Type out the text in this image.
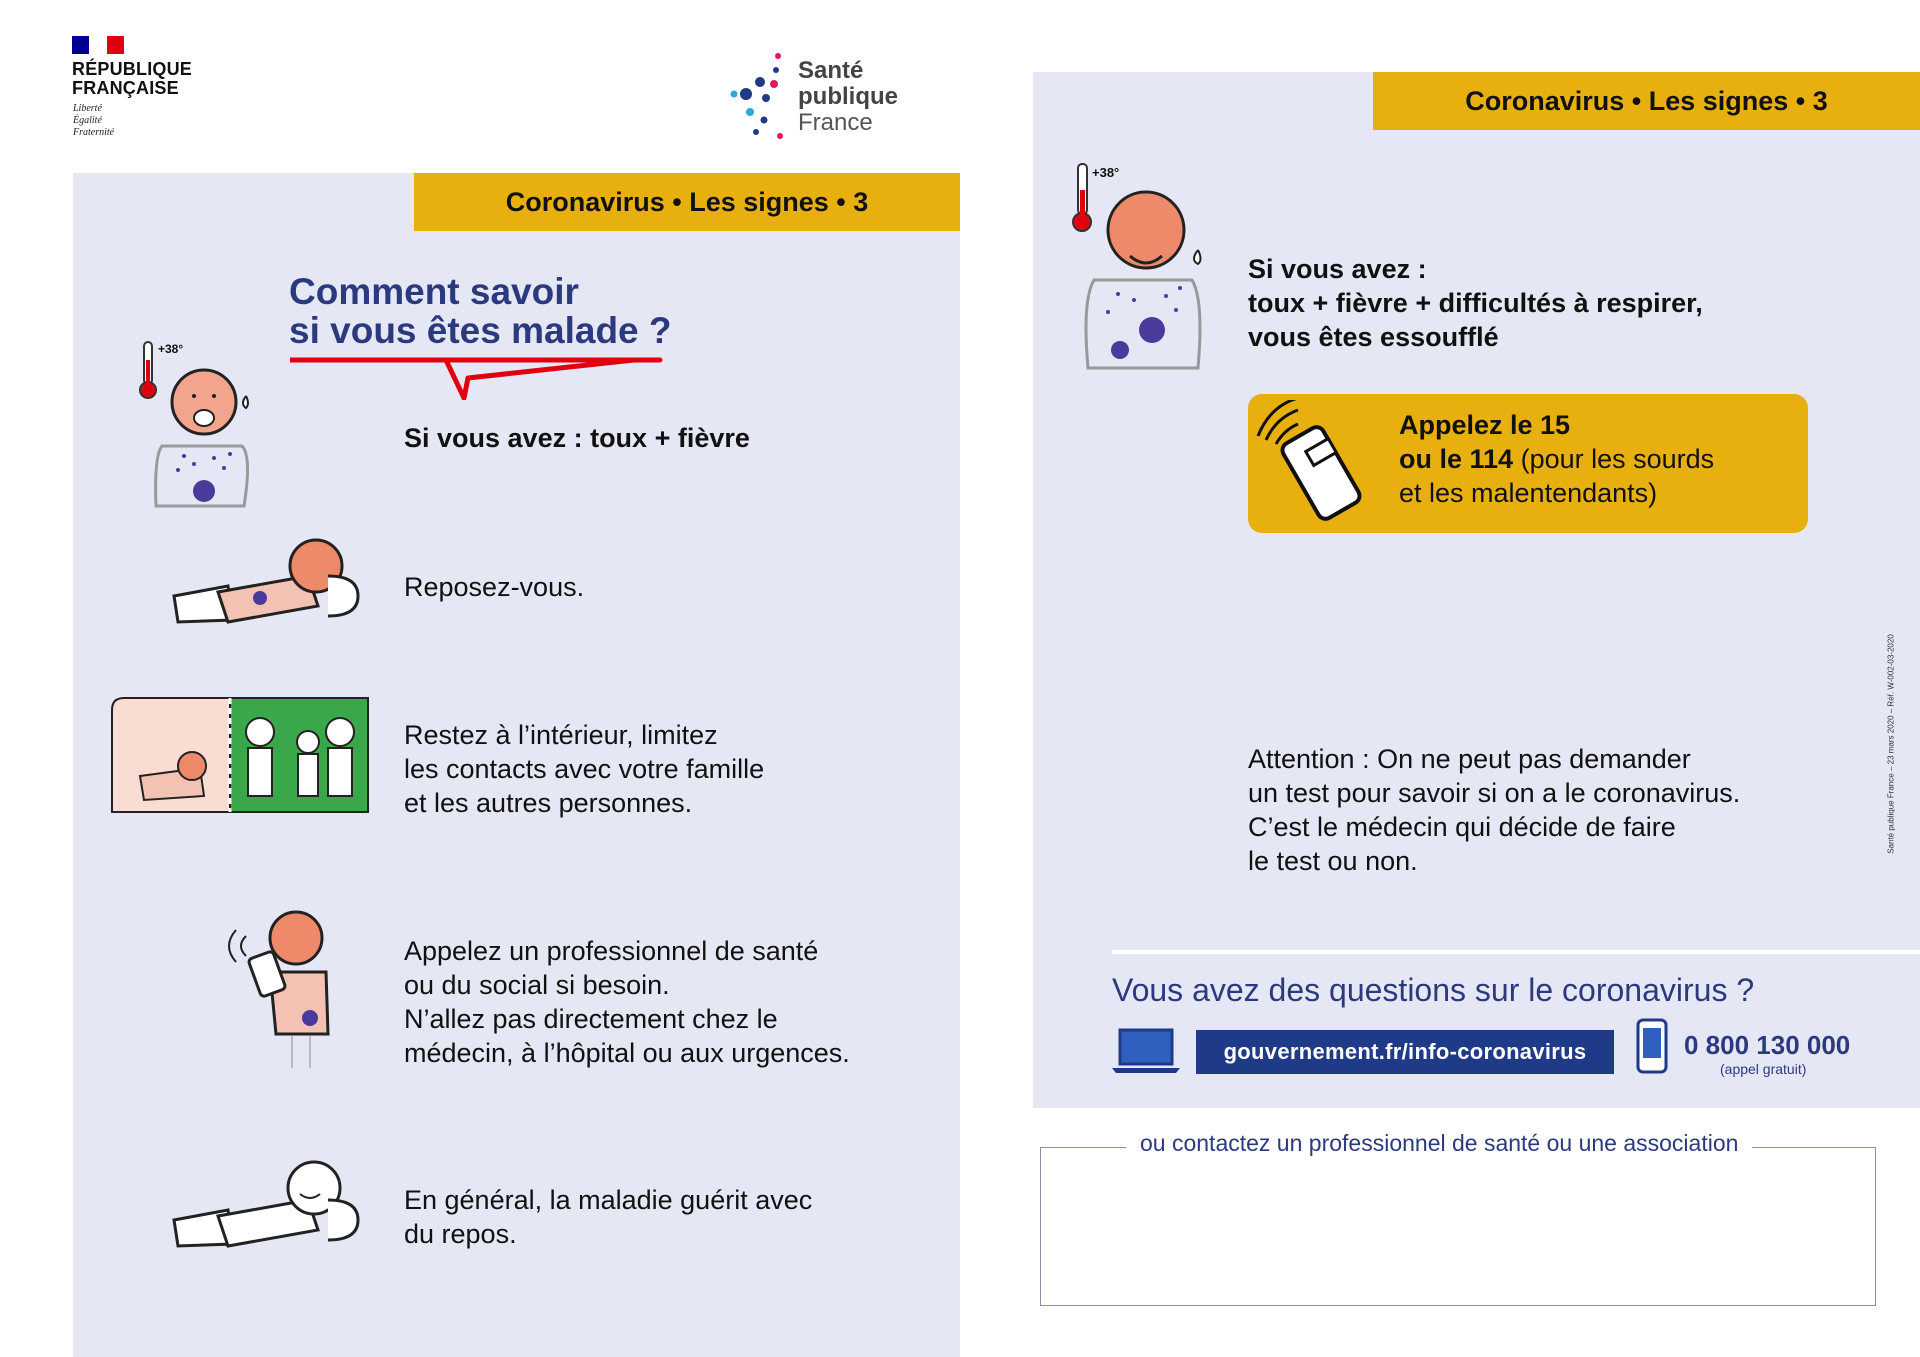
RÉPUBLIQUE
FRANÇAISE
Liberté
Égalité
Fraternité
Santé
publique
France
Coronavirus • Les signes • 3
Comment savoir
si vous êtes malade ?
+38°
Si vous avez : toux + fièvre
Reposez-vous.
Restez à l’intérieur, limitez
les contacts avec votre famille
et les autres personnes.
Appelez un professionnel de santé
ou du social si besoin.
N’allez pas directement chez le
médecin, à l’hôpital ou aux urgences.
En général, la maladie guérit avec
du repos.
Coronavirus • Les signes • 3
+38°
Si vous avez :
toux + fièvre + difficultés à respirer,
vous êtes essoufflé
Appelez le 15
ou le 114 (pour les sourds
et les malentendants)
Attention : On ne peut pas demander
un test pour savoir si on a le coronavirus.
C’est le médecin qui décide de faire
le test ou non.
Santé publique France – 23 mars 2020 – Réf. W-002-03-2020
Vous avez des questions sur le coronavirus ?
gouvernement.fr/info-coronavirus	0 800 130 000
(appel gratuit)
ou contactez un professionnel de santé ou une association
